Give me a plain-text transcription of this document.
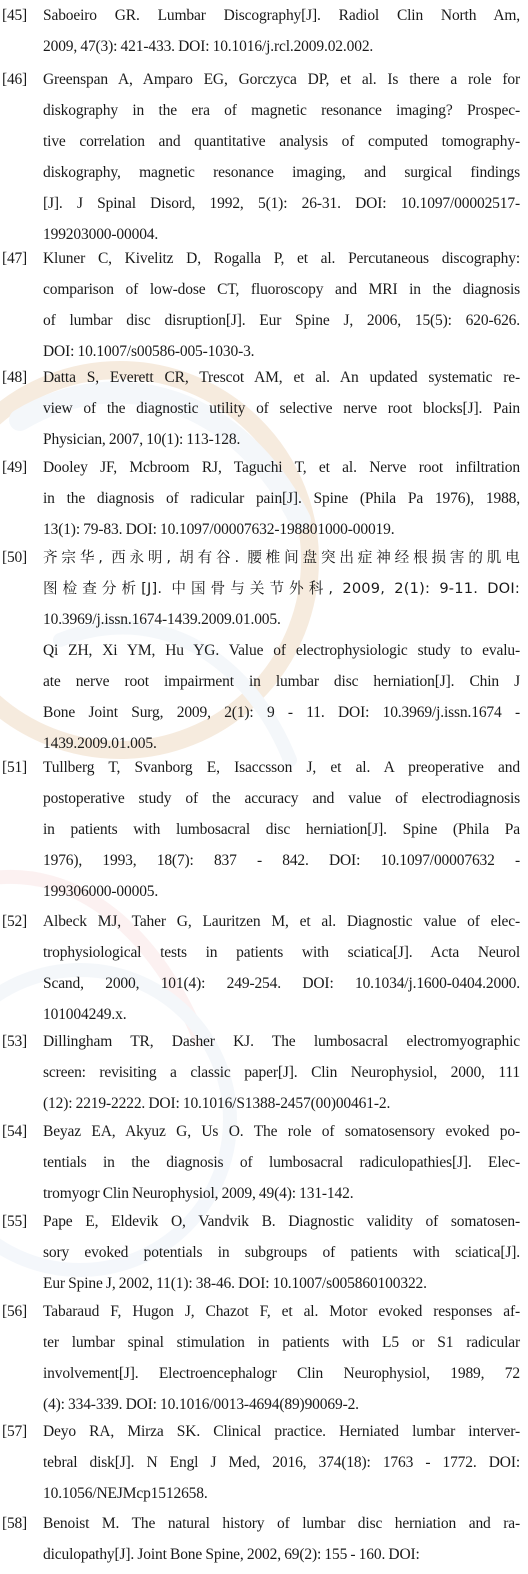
[45]	Saboeiro GR. Lumbar Discography[J]. Radiol Clin North Am,
2009, 47(3): 421-433. DOI: 10.1016/j.rcl.2009.02.002.
[46]	Greenspan A, Amparo EG, Gorczyca DP, et al. Is there a role for
diskography in the era of magnetic resonance imaging? Prospec-
tive correlation and quantitative analysis of computed tomography-
diskography, magnetic resonance imaging, and surgical findings
[J]. J Spinal Disord, 1992, 5(1): 26-31. DOI: 10.1097/00002517-
199203000-00004.
[47]	Kluner C, Kivelitz D, Rogalla P, et al. Percutaneous discography:
comparison of low-dose CT, fluoroscopy and MRI in the diagnosis
of lumbar disc disruption[J]. Eur Spine J, 2006, 15(5): 620-626.
DOI: 10.1007/s00586-005-1030-3.
[48]	Datta S, Everett CR, Trescot AM, et al. An updated systematic re-
view of the diagnostic utility of selective nerve root blocks[J]. Pain
Physician, 2007, 10(1): 113-128.
[49]	Dooley JF, Mcbroom RJ, Taguchi T, et al. Nerve root infiltration
in the diagnosis of radicular pain[J]. Spine (Phila Pa 1976), 1988,
13(1): 79-83. DOI: 10.1097/00007632-198801000-00019.
[50]	齐宗华, 西永明, 胡有谷. 腰椎间盘突出症神经根损害的肌电
图检查分析[J]. 中国骨与关节外科, 2009, 2(1): 9-11. DOI:
10.3969/j.issn.1674-1439.2009.01.005.
Qi ZH, Xi YM, Hu YG. Value of electrophysiologic study to evalu-
ate nerve root impairment in lumbar disc herniation[J]. Chin J
Bone Joint Surg, 2009, 2(1): 9 - 11. DOI: 10.3969/j.issn.1674 -
1439.2009.01.005.
[51]	Tullberg T, Svanborg E, Isaccsson J, et al. A preoperative and
postoperative study of the accuracy and value of electrodiagnosis
in patients with lumbosacral disc herniation[J]. Spine (Phila Pa
1976), 1993, 18(7): 837 - 842. DOI: 10.1097/00007632 -
199306000-00005.
[52]	Albeck MJ, Taher G, Lauritzen M, et al. Diagnostic value of elec-
trophysiological tests in patients with sciatica[J]. Acta Neurol
Scand, 2000, 101(4): 249-254. DOI: 10.1034/j.1600-0404.2000.
101004249.x.
[53]	Dillingham TR, Dasher KJ. The lumbosacral electromyographic
screen: revisiting a classic paper[J]. Clin Neurophysiol, 2000, 111
(12): 2219-2222. DOI: 10.1016/S1388-2457(00)00461-2.
[54]	Beyaz EA, Akyuz G, Us O. The role of somatosensory evoked po-
tentials in the diagnosis of lumbosacral radiculopathies[J]. Elec-
tromyogr Clin Neurophysiol, 2009, 49(4): 131-142.
[55]	Pape E, Eldevik O, Vandvik B. Diagnostic validity of somatosen-
sory evoked potentials in subgroups of patients with sciatica[J].
Eur Spine J, 2002, 11(1): 38-46. DOI: 10.1007/s005860100322.
[56]	Tabaraud F, Hugon J, Chazot F, et al. Motor evoked responses af-
ter lumbar spinal stimulation in patients with L5 or S1 radicular
involvement[J]. Electroencephalogr Clin Neurophysiol, 1989, 72
(4): 334-339. DOI: 10.1016/0013-4694(89)90069-2.
[57]	Deyo RA, Mirza SK. Clinical practice. Herniated lumbar interver-
tebral disk[J]. N Engl J Med, 2016, 374(18): 1763 - 1772. DOI:
10.1056/NEJMcp1512658.
[58]	Benoist M. The natural history of lumbar disc herniation and ra-
diculopathy[J]. Joint Bone Spine, 2002, 69(2): 155 - 160. DOI:
